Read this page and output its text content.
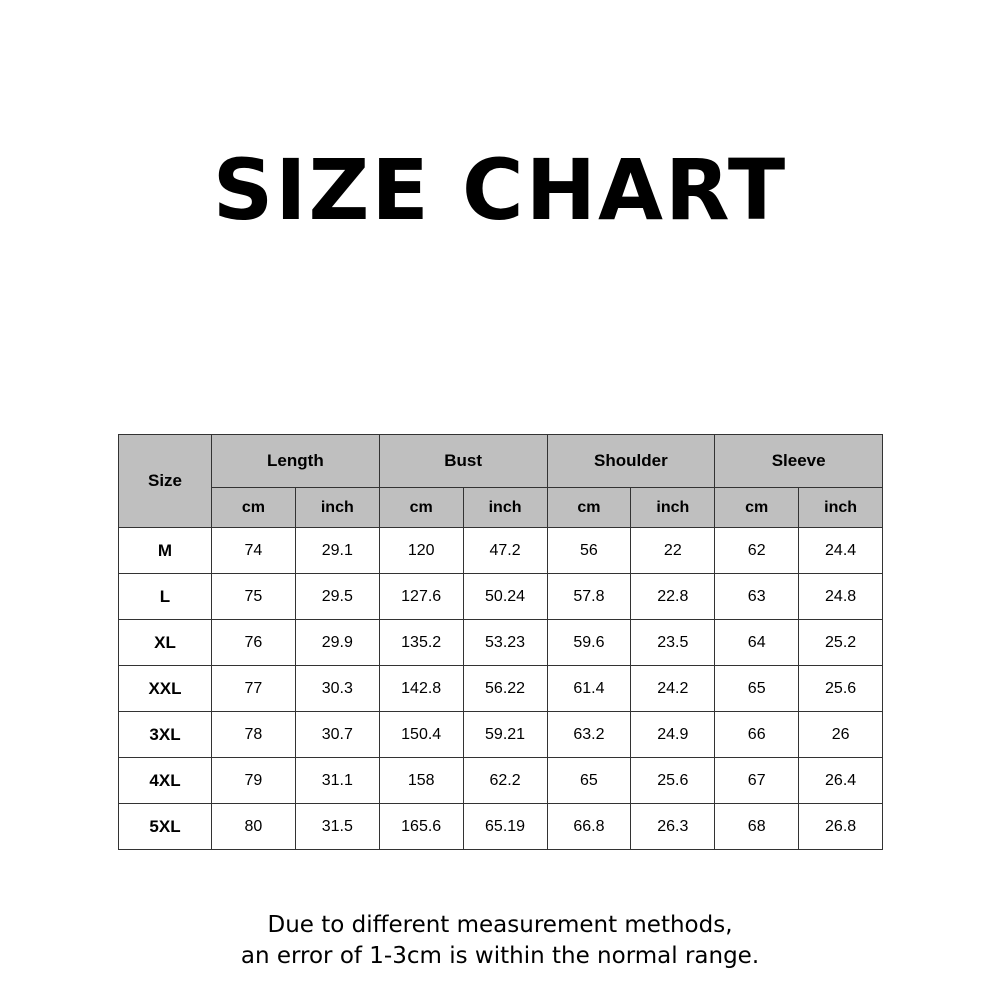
SIZE CHART
Size	Length		Bust		Shoulder		Sleeve	
	cm	inch	cm	inch	cm	inch	cm	inch
M	74	29.1	120	47.2	56	22	62	24.4
L	75	29.5	127.6	50.24	57.8	22.8	63	24.8
XL	76	29.9	135.2	53.23	59.6	23.5	64	25.2
XXL	77	30.3	142.8	56.22	61.4	24.2	65	25.6
3XL	78	30.7	150.4	59.21	63.2	24.9	66	26
4XL	79	31.1	158	62.2	65	25.6	67	26.4
5XL	80	31.5	165.6	65.19	66.8	26.3	68	26.8
Due to different measurement methods,
an error of 1-3cm is within the normal range.
